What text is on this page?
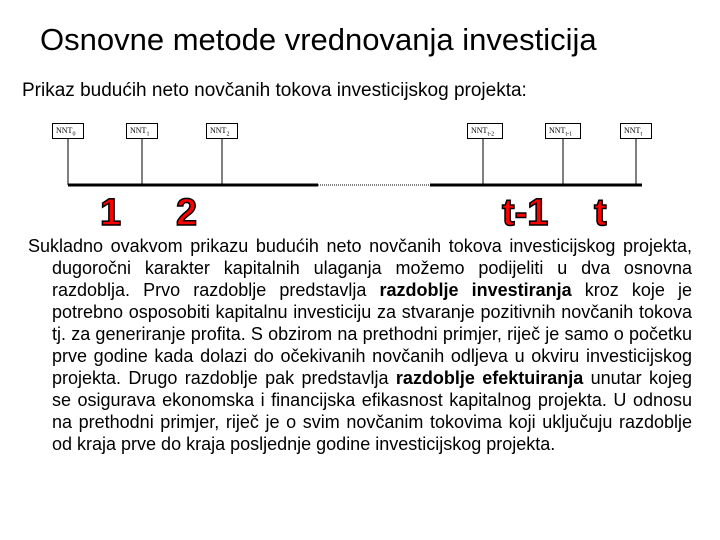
Osnovne metode vrednovanja investicija
Prikaz budućih neto novčanih tokova investicijskog projekta:
$NNT_0$	$NNT_1$	$NNT_2$	$NNT_{t-2}$	$NNT_{t-1}$	$NNT_t$
1 2	t-1 t
Sukladno ovakvom prikazu budućih neto novčanih tokova investicijskog projekta, dugoročni karakter kapitalnih ulaganja možemo podijeliti u dva osnovna razdoblja. Prvo razdoblje predstavlja razdoblje investiranja kroz koje je potrebno osposobiti kapitalnu investiciju za stvaranje pozitivnih novčanih tokova tj. za generiranje profita. S obzirom na prethodni primjer, riječ je samo o početku prve godine kada dolazi do očekivanih novčanih odljeva u okviru investicijskog projekta. Drugo razdoblje pak predstavlja razdoblje efektuiranja unutar kojeg se osigurava ekonomska i financijska efikasnost kapitalnog projekta. U odnosu na prethodni primjer, riječ je o svim novčanim tokovima koji uključuju razdoblje od kraja prve do kraja posljednje godine investicijskog projekta.
